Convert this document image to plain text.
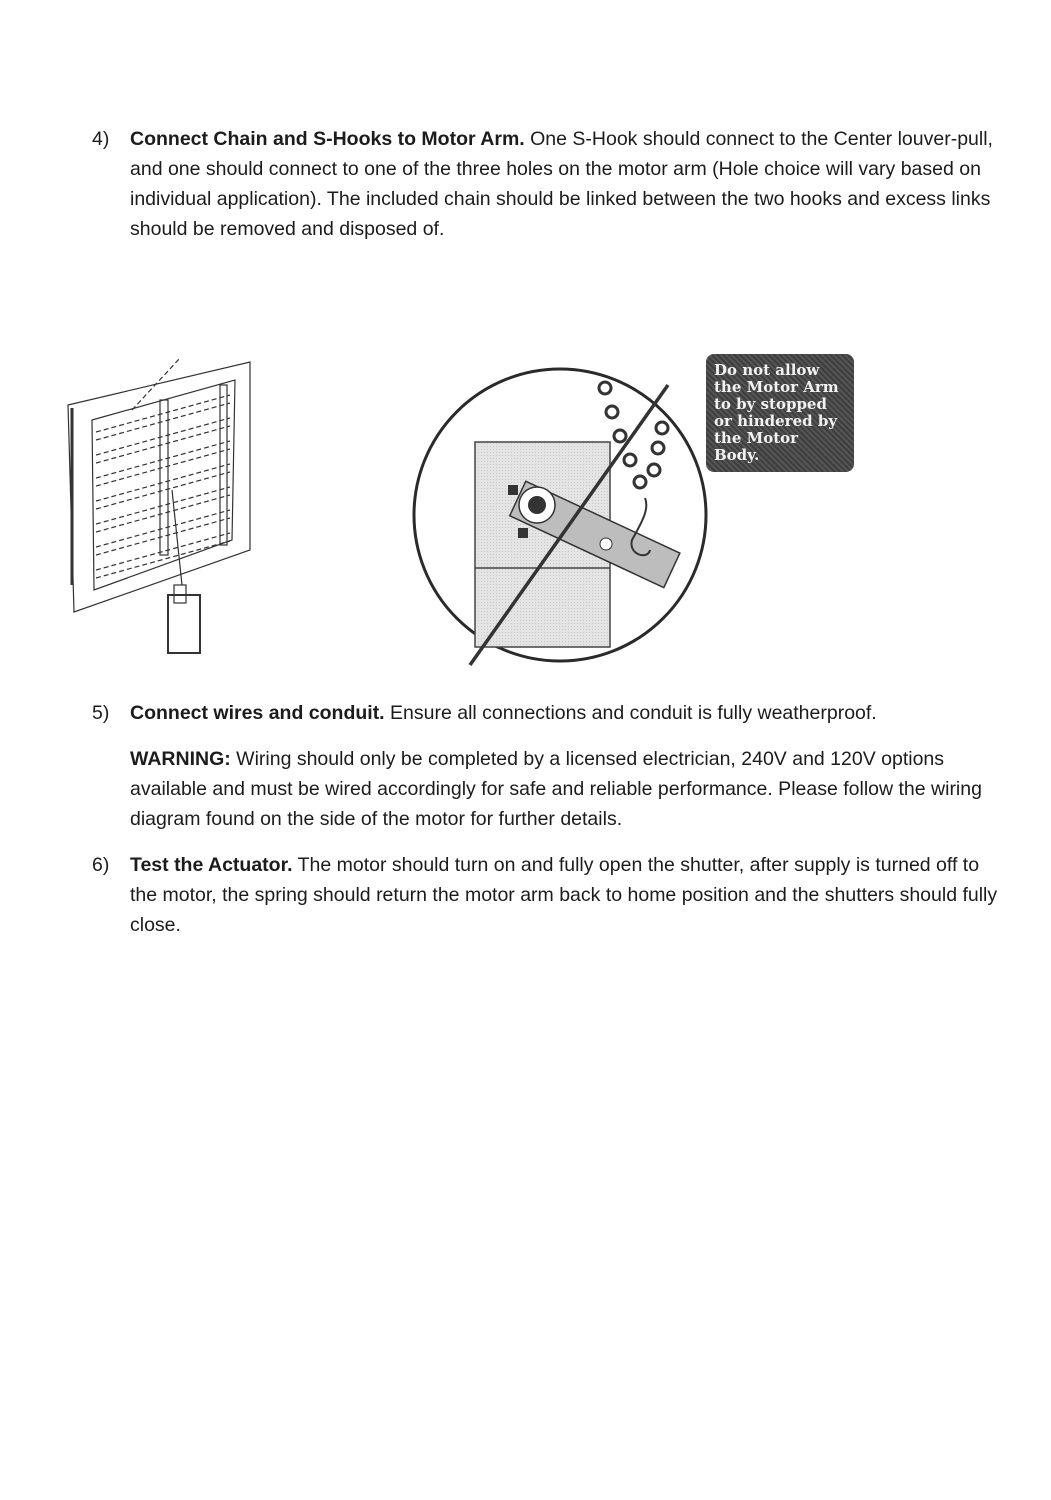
4)	Connect Chain and S-Hooks to Motor Arm. One S-Hook should connect to the Center louver-pull, and one should connect to one of the three holes on the motor arm (Hole choice will vary based on individual application). The included chain should be linked between the two hooks and excess links should be removed and disposed of.
Do not allow the Motor Arm to by stopped or hindered by the Motor Body.
5)	Connect wires and conduit. Ensure all connections and conduit is fully weatherproof.
WARNING: Wiring should only be completed by a licensed electrician, 240V and 120V options available and must be wired accordingly for safe and reliable performance. Please follow the wiring diagram found on the side of the motor for further details.
6)	Test the Actuator. The motor should turn on and fully open the shutter, after supply is turned off to the motor, the spring should return the motor arm back to home position and the shutters should fully close.
